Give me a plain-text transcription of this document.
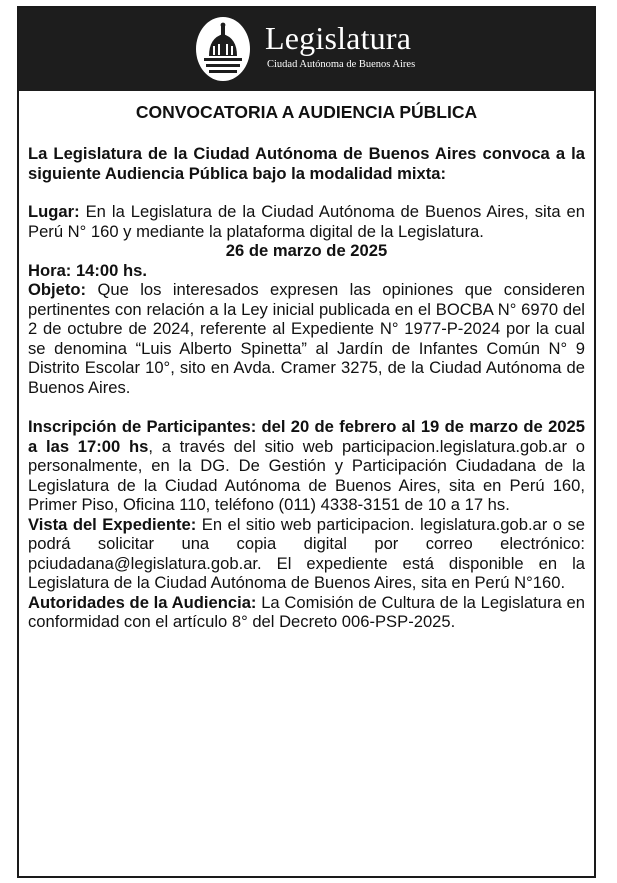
Legislatura
Ciudad Autónoma de Buenos Aires
CONVOCATORIA A AUDIENCIA PÚBLICA

La Legislatura de la Ciudad Autónoma de Buenos Aires convoca a la siguiente Audiencia Pública bajo la modalidad mixta:

Lugar: En la Legislatura de la Ciudad Autónoma de Buenos Aires, sita en Perú N° 160 y mediante la plataforma digital de la Legislatura.

26 de marzo de 2025

Hora: 14:00 hs.

Objeto: Que los interesados expresen las opiniones que consideren pertinentes con relación a la Ley inicial publicada en el BOCBA N° 6970 del 2 de octubre de 2024, referente al Expediente N° 1977-P-2024 por la cual se denomina “Luis Alberto Spinetta” al Jardín de Infantes Común N° 9 Distrito Escolar 10°, sito en Avda. Cramer 3275, de la Ciudad Autónoma de Buenos Aires.

Inscripción de Participantes: del 20 de febrero al 19 de marzo de 2025 a las 17:00 hs, a través del sitio web participacion.legislatura.gob.ar o personalmente, en la DG. De Gestión y Participación Ciudadana de la Legislatura de la Ciudad Autónoma de Buenos Aires, sita en Perú 160, Primer Piso, Oficina 110, teléfono (011) 4338-3151 de 10 a 17 hs.

Vista del Expediente: En el sitio web participacion. legislatura.gob.ar o se podrá solicitar una copia digital por correo electrónico: pciudadana@legislatura.gob.ar. El expediente está disponible en la Legislatura de la Ciudad Autónoma de Buenos Aires, sita en Perú N°160.

Autoridades de la Audiencia: La Comisión de Cultura de la Legislatura en conformidad con el artículo 8° del Decreto 006-PSP-2025.
